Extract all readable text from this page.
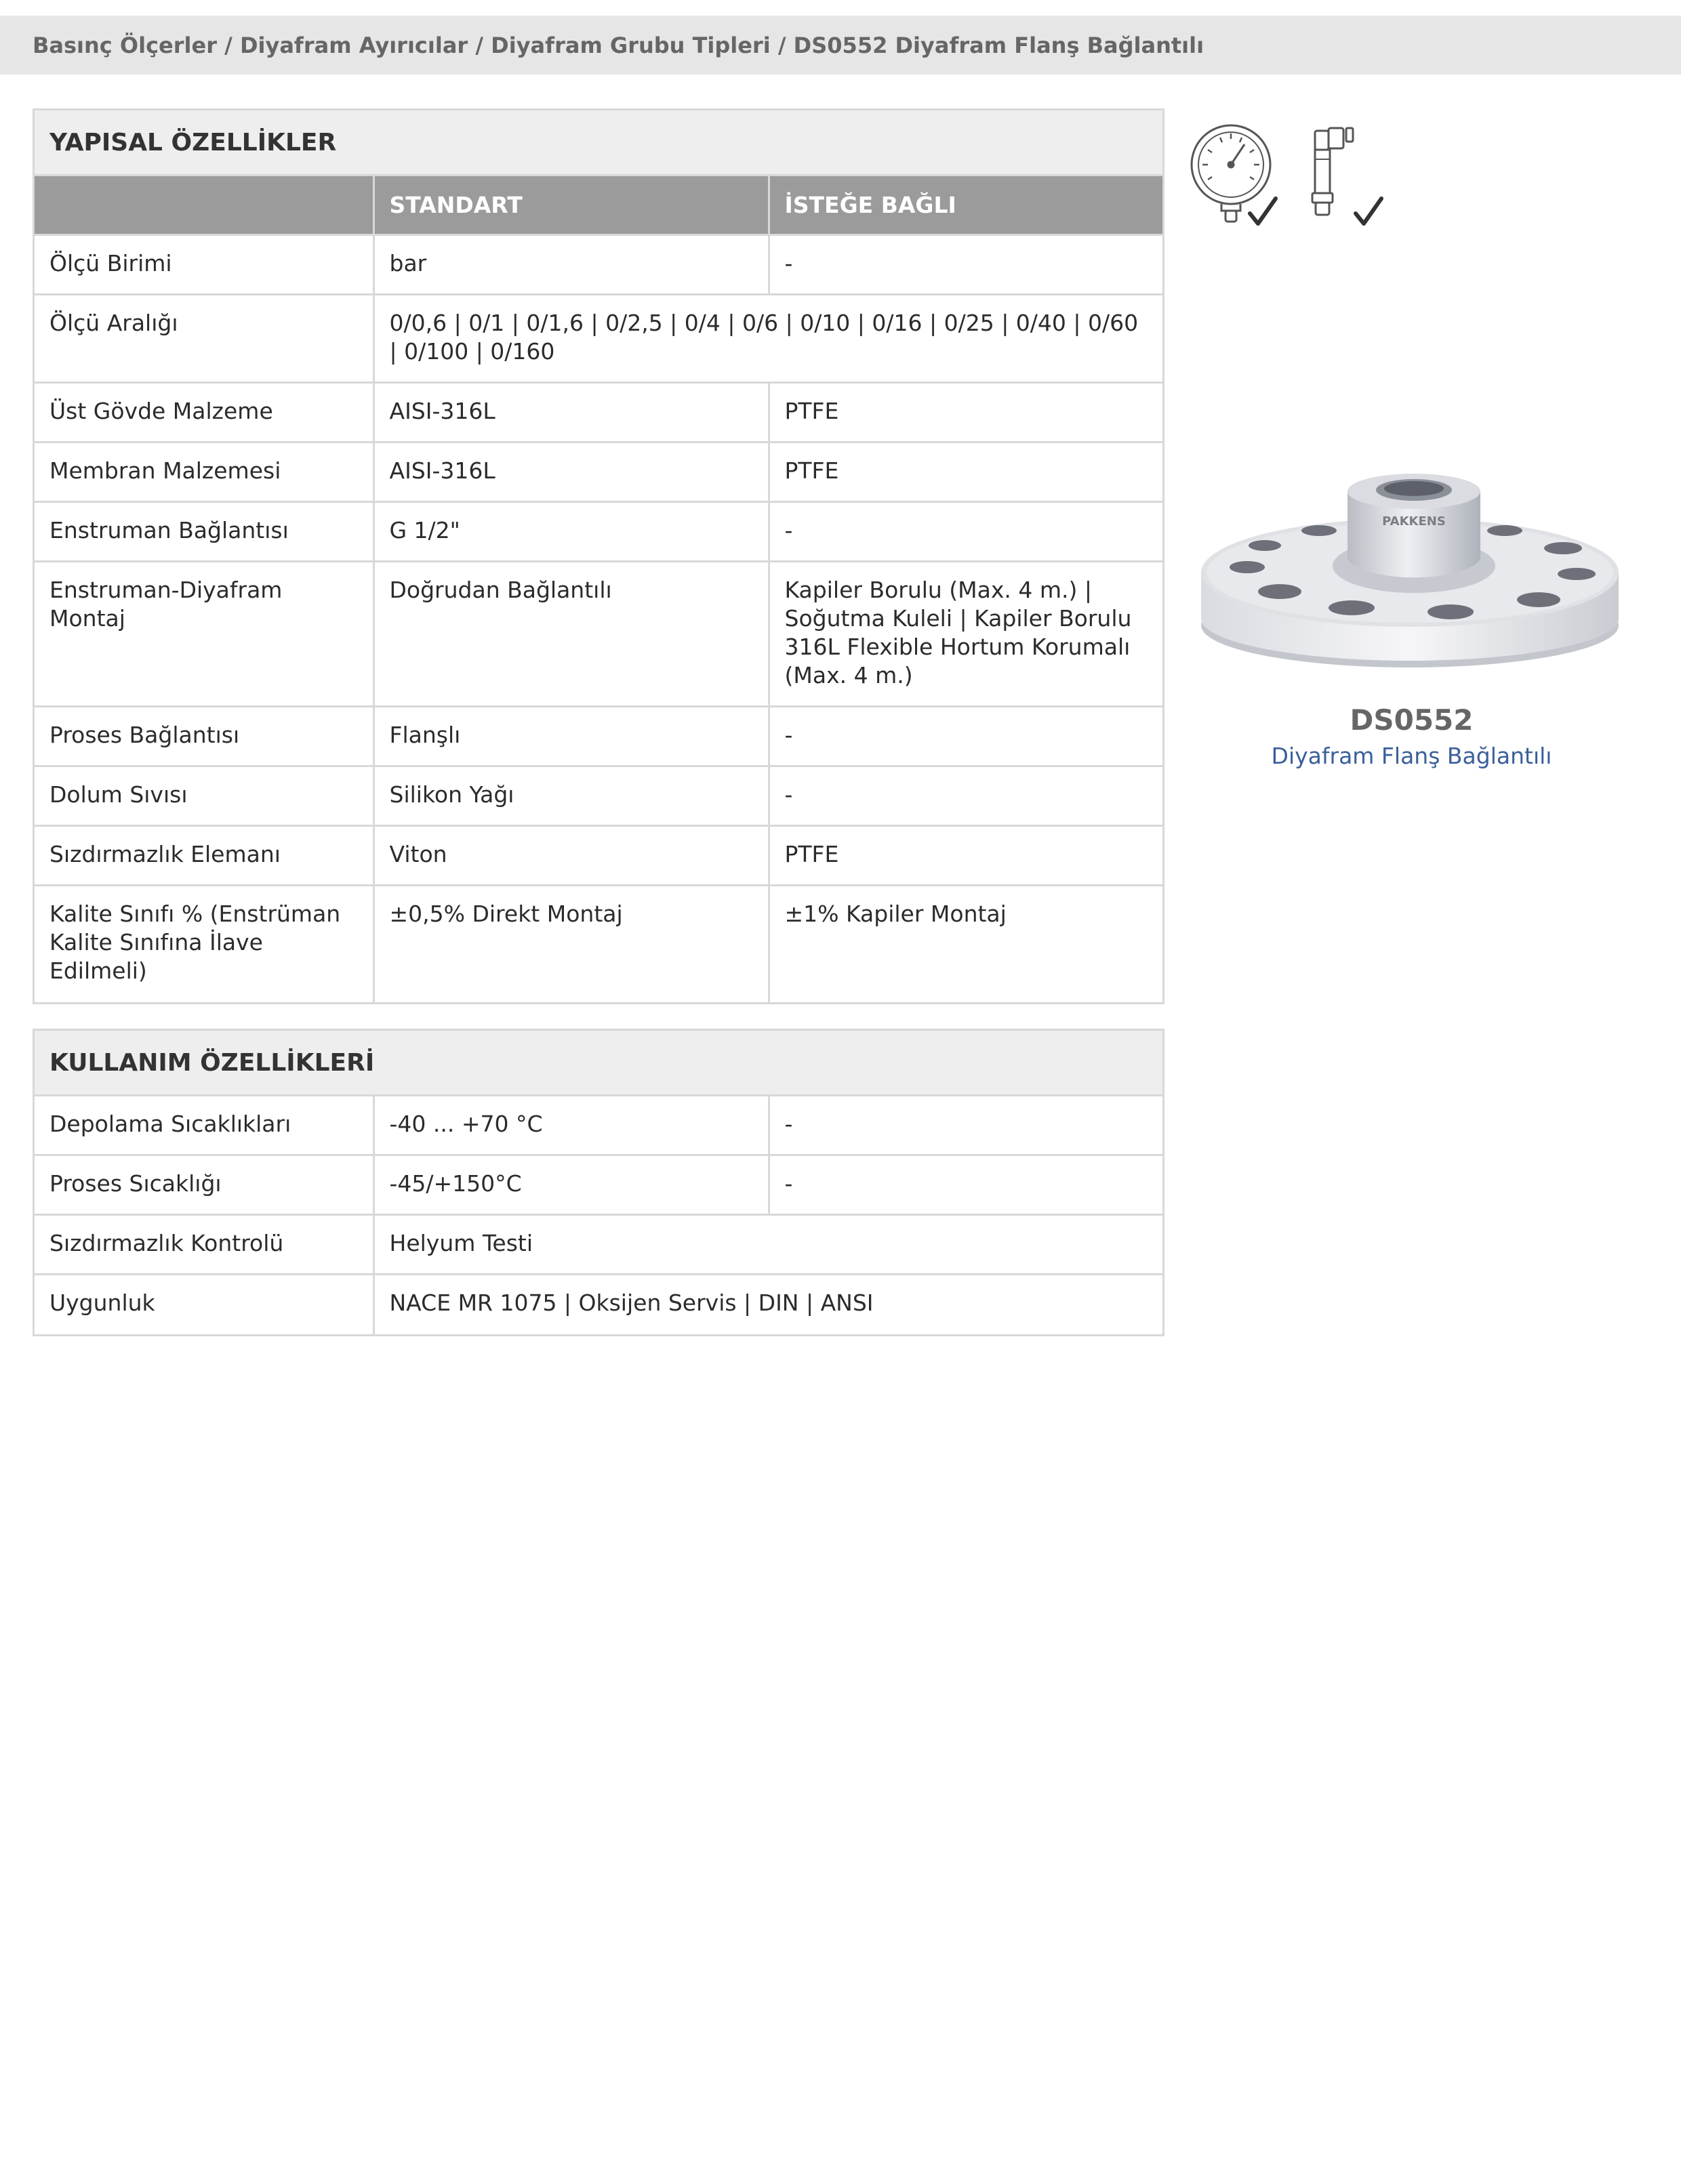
Basınç Ölçerler / Diyafram Ayırıcılar / Diyafram Grubu Tipleri / DS0552 Diyafram Flanş Bağlantılı
YAPISAL ÖZELLİKLER
	STANDART	İSTEĞE BAĞLI
Ölçü Birimi	bar	-
Ölçü Aralığı	0/0,6 | 0/1 | 0/1,6 | 0/2,5 | 0/4 | 0/6 | 0/10 | 0/16 | 0/25 | 0/40 | 0/60 | 0/100 | 0/160	
Üst Gövde Malzeme	AISI-316L	PTFE
Membran Malzemesi	AISI-316L	PTFE
Enstruman Bağlantısı	G 1/2"	-
Enstruman-Diyafram Montaj	Doğrudan Bağlantılı	Kapiler Borulu (Max. 4 m.) | Soğutma Kuleli | Kapiler Borulu 316L Flexible Hortum Korumalı (Max. 4 m.)
Proses Bağlantısı	Flanşlı	-
Dolum Sıvısı	Silikon Yağı	-
Sızdırmazlık Elemanı	Viton	PTFE
Kalite Sınıfı % (Enstrüman Kalite Sınıfına İlave Edilmeli)	±0,5% Direkt Montaj	±1% Kapiler Montaj
KULLANIM ÖZELLİKLERİ
Depolama Sıcaklıkları	-40 ... +70 °C	-
Proses Sıcaklığı	-45/+150°C	-
Sızdırmazlık Kontrolü	Helyum Testi	
Uygunluk	NACE MR 1075 | Oksijen Servis | DIN | ANSI	
PAKKENS
DS0552
Diyafram Flanş Bağlantılı
